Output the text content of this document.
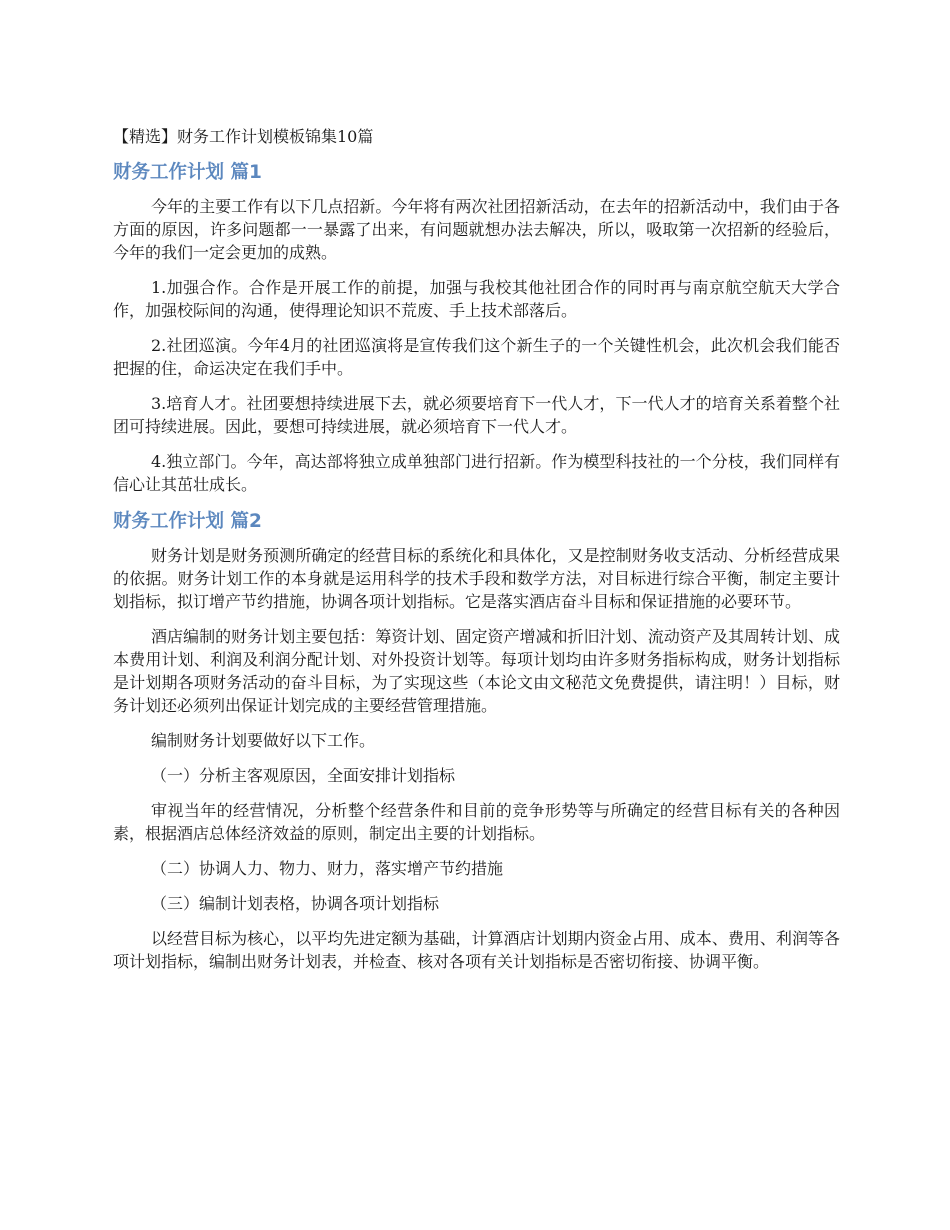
【精选】财务工作计划模板锦集10篇
财务工作计划 篇1

今年的主要工作有以下几点招新。今年将有两次社团招新活动，在去年的招新活动中，我们由于各方面的原因，许多问题都一一暴露了出来，有问题就想办法去解决，所以，吸取第一次招新的经验后，今年的我们一定会更加的成熟。

1.加强合作。合作是开展工作的前提，加强与我校其他社团合作的同时再与南京航空航天大学合作，加强校际间的沟通，使得理论知识不荒废、手上技术部落后。

2.社团巡演。今年4月的社团巡演将是宣传我们这个新生子的一个关键性机会，此次机会我们能否把握的住，命运决定在我们手中。

3.培育人才。社团要想持续进展下去，就必须要培育下一代人才，下一代人才的培育关系着整个社团可持续进展。因此，要想可持续进展，就必须培育下一代人才。

4.独立部门。今年，高达部将独立成单独部门进行招新。作为模型科技社的一个分枝，我们同样有信心让其茁壮成长。

财务工作计划 篇2

财务计划是财务预测所确定的经营目标的系统化和具体化，又是控制财务收支活动、分析经营成果的依据。财务计划工作的本身就是运用科学的技术手段和数学方法，对目标进行综合平衡，制定主要计划指标，拟订增产节约措施，协调各项计划指标。它是落实酒店奋斗目标和保证措施的必要环节。

酒店编制的财务计划主要包括：筹资计划、固定资产增减和折旧汁划、流动资产及其周转计划、成本费用计划、利润及利润分配计划、对外投资计划等。每项计划均由许多财务指标构成，财务计划指标是计划期各项财务活动的奋斗目标，为了实现这些（本论文由文秘范文免费提供，请注明！）目标，财务计划还必须列出保证计划完成的主要经营管理措施。

编制财务计划要做好以下工作。

（一）分析主客观原因，全面安排计划指标

审视当年的经营情况，分析整个经营条件和目前的竞争形势等与所确定的经营目标有关的各种因素，根据酒店总体经济效益的原则，制定出主要的计划指标。

（二）协调人力、物力、财力，落实增产节约措施

（三）编制计划表格，协调各项计划指标

以经营目标为核心，以平均先进定额为基础，计算酒店计划期内资金占用、成本、费用、利润等各项计划指标，编制出财务计划表，并检查、核对各项有关计划指标是否密切衔接、协调平衡。
